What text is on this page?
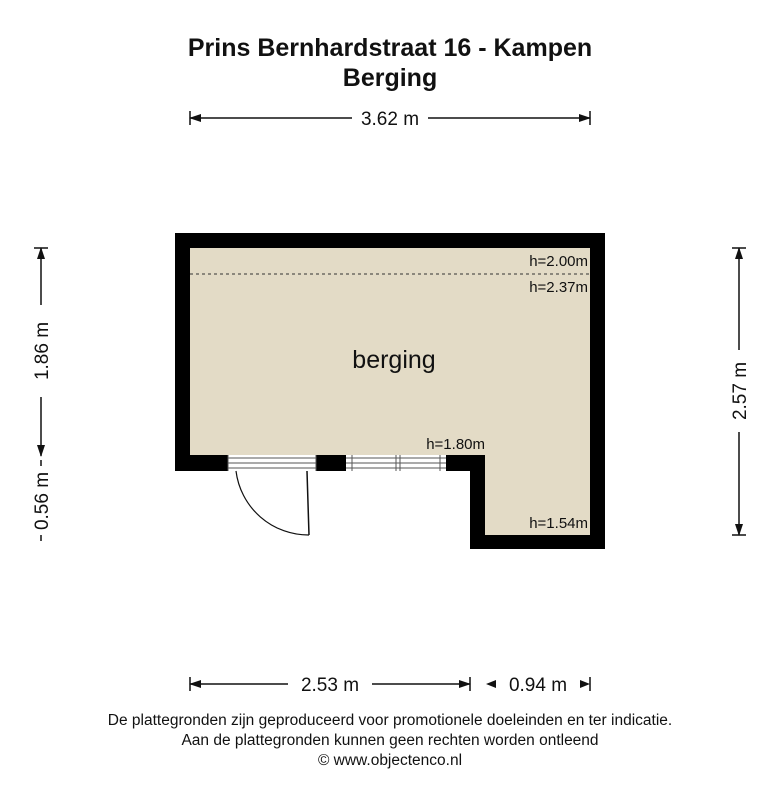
Prins Bernhardstraat 16 - Kampen
Berging
3.62 m
1.86 m
0.56 m
2.57 m
h=2.00m
h=2.37m
h=1.80m
h=1.54m
berging
2.53 m	0.94 m
De plattegronden zijn geproduceerd voor promotionele doeleinden en ter indicatie.
Aan de plattegronden kunnen geen rechten worden ontleend
© www.objectenco.nl
